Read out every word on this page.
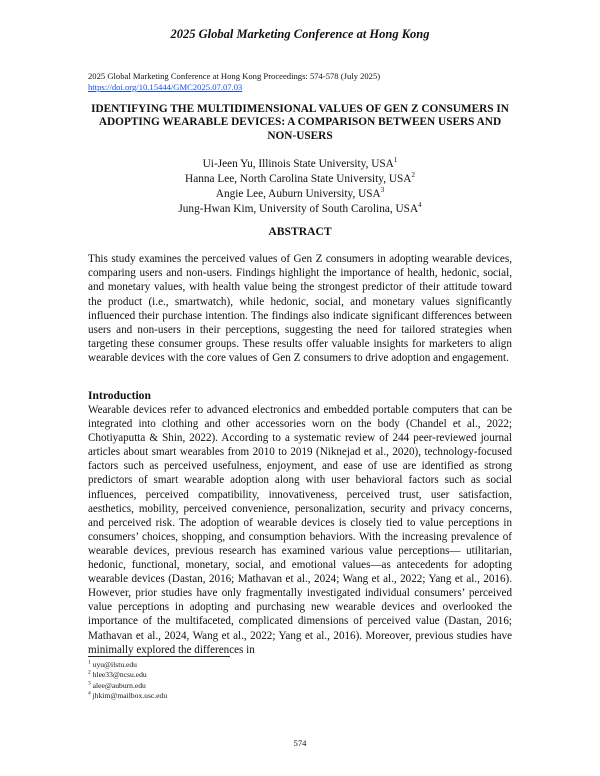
2025 Global Marketing Conference at Hong Kong
2025 Global Marketing Conference at Hong Kong Proceedings: 574-578 (July 2025)
https://doi.org/10.15444/GMC2025.07.07.03
IDENTIFYING THE MULTIDIMENSIONAL VALUES OF GEN Z CONSUMERS IN ADOPTING WEARABLE DEVICES: A COMPARISON BETWEEN USERS AND NON-USERS
Ui-Jeen Yu, Illinois State University, USA$^1$
Hanna Lee, North Carolina State University, USA$^2$
Angie Lee, Auburn University, USA$^3$
Jung-Hwan Kim, University of South Carolina, USA$^4$
ABSTRACT

This study examines the perceived values of Gen Z consumers in adopting wearable devices, comparing users and non-users. Findings highlight the importance of health, hedonic, social, and monetary values, with health value being the strongest predictor of their attitude toward the product (i.e., smartwatch), while hedonic, social, and monetary values significantly influenced their purchase intention. The findings also indicate significant differences between users and non-users in their perceptions, suggesting the need for tailored strategies when targeting these consumer groups. These results offer valuable insights for marketers to align wearable devices with the core values of Gen Z consumers to drive adoption and engagement.

Introduction

Wearable devices refer to advanced electronics and embedded portable computers that can be integrated into clothing and other accessories worn on the body (Chandel et al., 2022; Chotiyaputta & Shin, 2022). According to a systematic review of 244 peer-reviewed journal articles about smart wearables from 2010 to 2019 (Niknejad et al., 2020), technology-focused factors such as perceived usefulness, enjoyment, and ease of use are identified as strong predictors of smart wearable adoption along with user behavioral factors such as social influences, perceived compatibility, innovativeness, perceived trust, user satisfaction, aesthetics, mobility, perceived convenience, personalization, security and privacy concerns, and perceived risk. The adoption of wearable devices is closely tied to value perceptions in consumers’ choices, shopping, and consumption behaviors. With the increasing prevalence of wearable devices, previous research has examined various value perceptions— utilitarian, hedonic, functional, monetary, social, and emotional values—as antecedents for adopting wearable devices (Dastan, 2016; Mathavan et al., 2024; Wang et al., 2022; Yang et al., 2016). However, prior studies have only fragmentally investigated individual consumers’ perceived value perceptions in adopting and purchasing new wearable devices and overlooked the importance of the multifaceted, complicated dimensions of perceived value (Dastan, 2016; Mathavan et al., 2024, Wang et al., 2022; Yang et al., 2016). Moreover, previous studies have minimally explored the differences in

$^1$ uyu@ilstu.edu
$^2$ hlee33@ncsu.edu
$^3$ alee@auburn.edu
$^4$ jhkim@mailbox.usc.edu
574
